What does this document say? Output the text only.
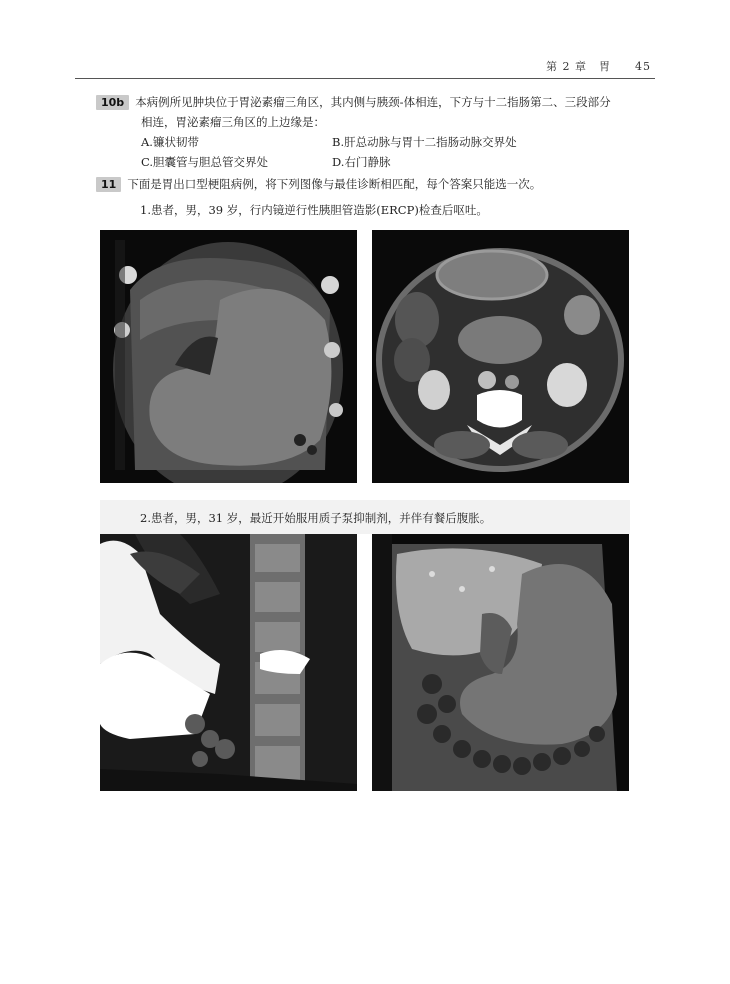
第 2 章　胃　　45
10b 本病例所见肿块位于胃泌素瘤三角区，其内侧与胰颈-体相连，下方与十二指肠第二、三段部分
相连，胃泌素瘤三角区的上边缘是：
A.镰状韧带	B.肝总动脉与胃十二指肠动脉交界处
C.胆囊管与胆总管交界处	D.右门静脉
11 下面是胃出口型梗阻病例，将下列图像与最佳诊断相匹配，每个答案只能选一次。
1.患者，男，39 岁，行内镜逆行性胰胆管造影(ERCP)检查后呕吐。
2.患者，男，31 岁，最近开始服用质子泵抑制剂，并伴有餐后腹胀。
